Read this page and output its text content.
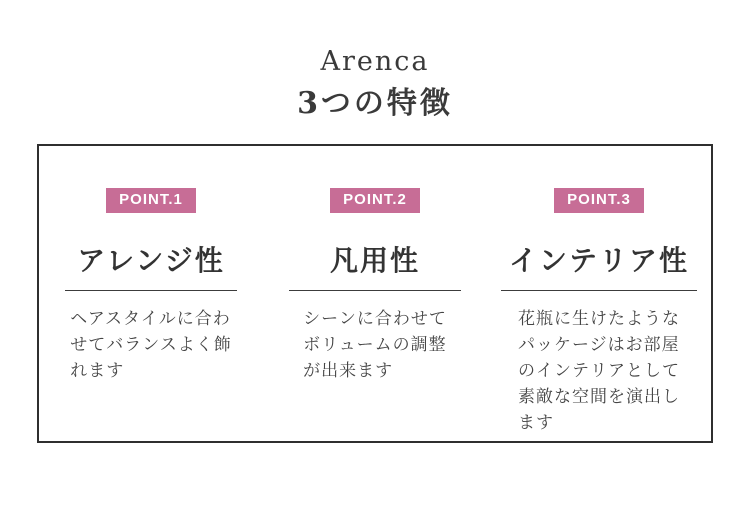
Arenca
3つの特徴
POINT.1
アレンジ性
ヘアスタイルに合わ
せてバランスよく飾
れます
POINT.2
凡用性
シーンに合わせて
ボリュームの調整
が出来ます
POINT.3
インテリア性
花瓶に生けたような
パッケージはお部屋
のインテリアとして
素敵な空間を演出し
ます
